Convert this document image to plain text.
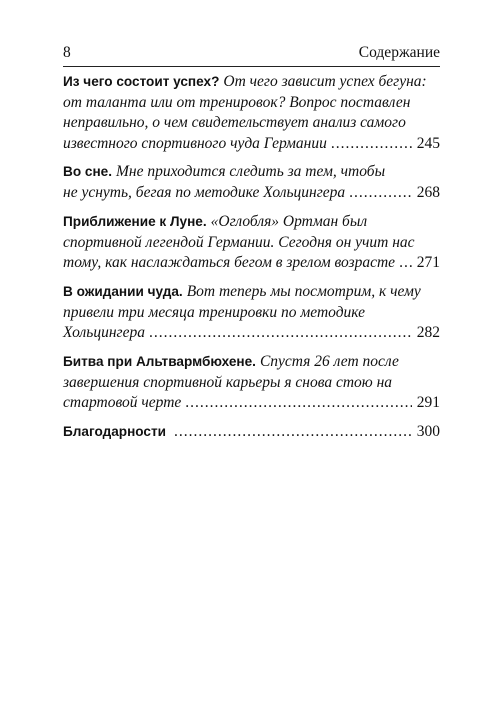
8	Содержание
Из чего состоит успех? От чего зависит успех бегуна:
от таланта или от тренировок? Вопрос поставлен
неправильно, о чем свидетельствует анализ самого
известного спортивного чуда Германии .....	245
Во сне. Мне приходится следить за тем, чтобы
не уснуть, бегая по методике Хольцингера .....	268
Приближение к Луне. «Оглобля» Ортман был
спортивной легендой Германии. Сегодня он учит нас
тому, как наслаждаться бегом в зрелом возрасте ..... 271
В ожидании чуда. Вот теперь мы посмотрим, к чему
привели три месяца тренировки по методике
Хольцингера .....	282
Битва при Альтвармбюхене. Спустя 26 лет после
завершения спортивной карьеры я снова стою на
стартовой черте .....	291
Благодарности .....	300
